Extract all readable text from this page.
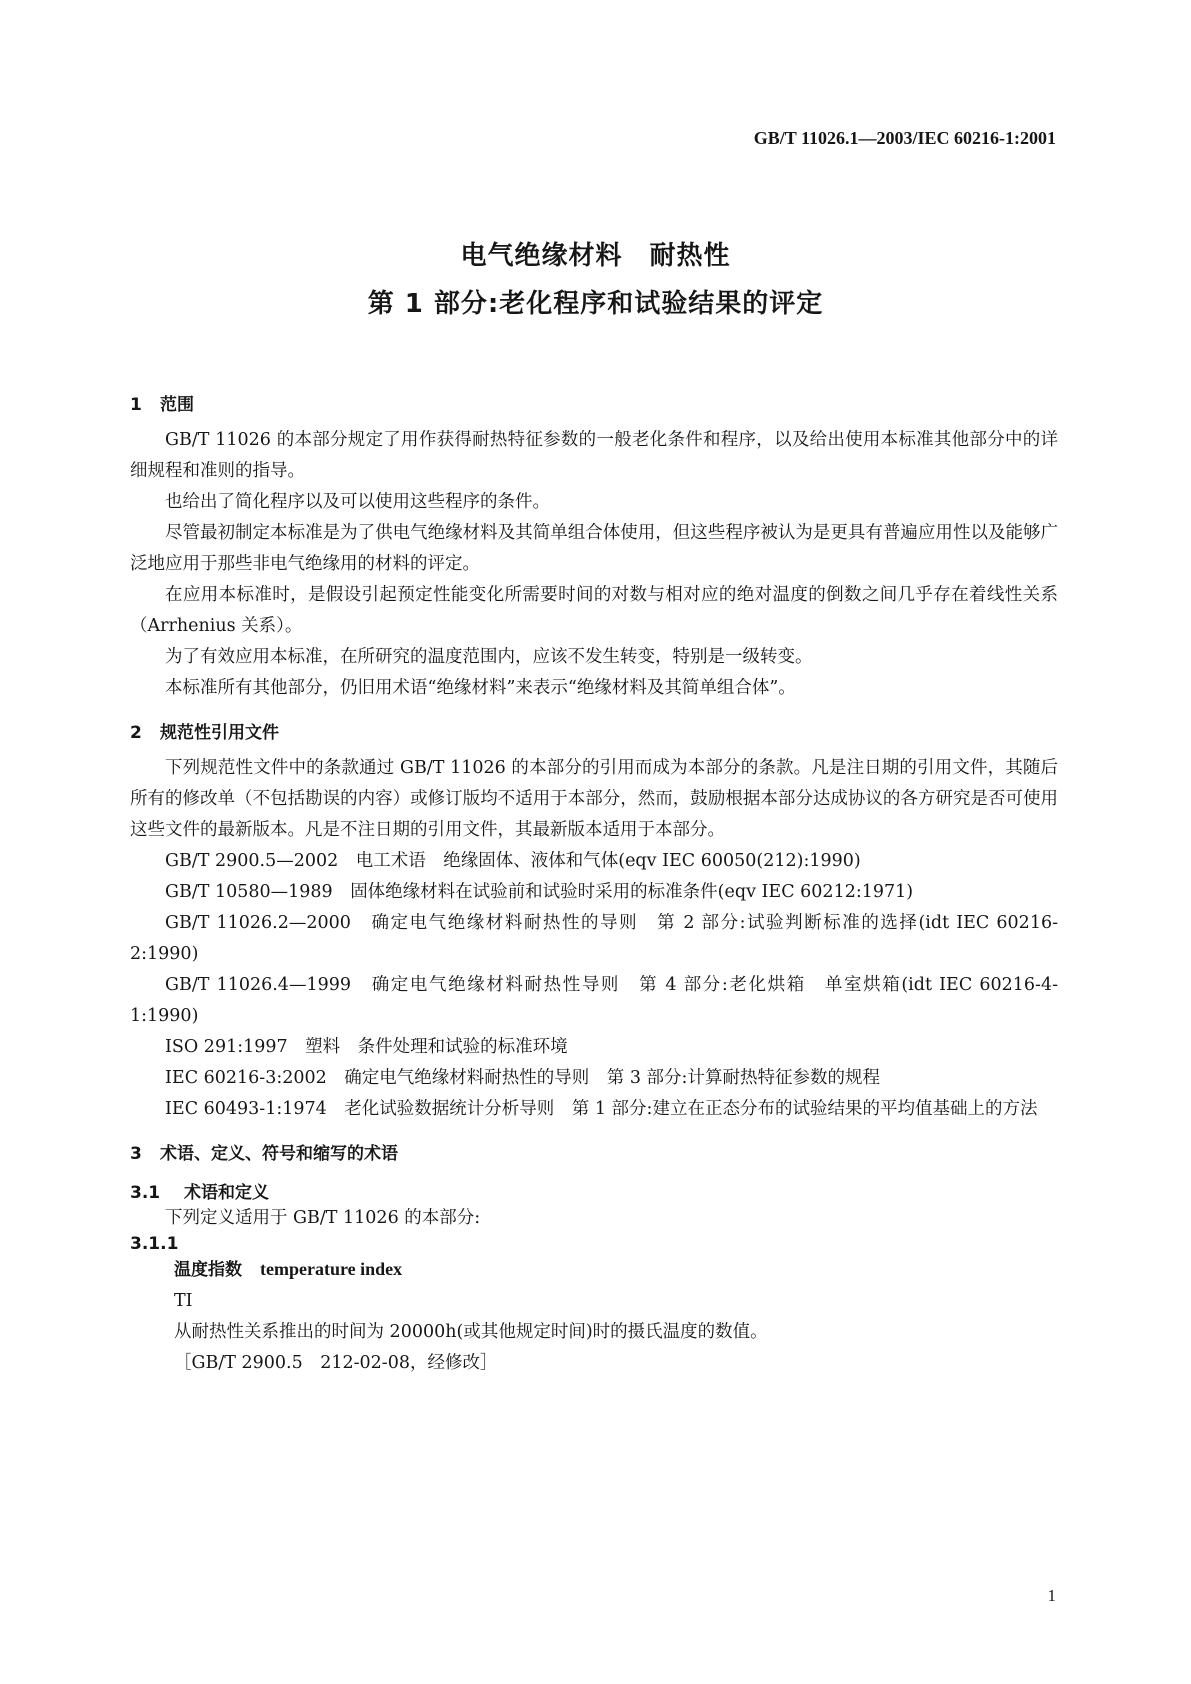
GB/T 11026.1—2003/IEC 60216-1:2001
电气绝缘材料　耐热性
第 1 部分:老化程序和试验结果的评定
1 范围

GB/T 11026 的本部分规定了用作获得耐热特征参数的一般老化条件和程序，以及给出使用本标准其他部分中的详细规程和准则的指导。

也给出了简化程序以及可以使用这些程序的条件。

尽管最初制定本标准是为了供电气绝缘材料及其简单组合体使用，但这些程序被认为是更具有普遍应用性以及能够广泛地应用于那些非电气绝缘用的材料的评定。

在应用本标准时，是假设引起预定性能变化所需要时间的对数与相对应的绝对温度的倒数之间几乎存在着线性关系（Arrhenius 关系）。

为了有效应用本标准，在所研究的温度范围内，应该不发生转变，特别是一级转变。

本标准所有其他部分，仍旧用术语“绝缘材料”来表示“绝缘材料及其简单组合体”。

2 规范性引用文件

下列规范性文件中的条款通过 GB/T 11026 的本部分的引用而成为本部分的条款。凡是注日期的引用文件，其随后所有的修改单（不包括勘误的内容）或修订版均不适用于本部分，然而，鼓励根据本部分达成协议的各方研究是否可使用这些文件的最新版本。凡是不注日期的引用文件，其最新版本适用于本部分。

GB/T 2900.5—2002　 电工术语　绝缘固体、液体和气体(eqv IEC 60050(212):1990)

GB/T 10580—1989　 固体绝缘材料在试验前和试验时采用的标准条件(eqv IEC 60212:1971)

GB/T 11026.2—2000　 确定电气绝缘材料耐热性的导则　第 2 部分:试验判断标准的选择(idt IEC 60216-2:1990)

GB/T 11026.4—1999　 确定电气绝缘材料耐热性导则　第 4 部分:老化烘箱　单室烘箱(idt IEC 60216-4-1:1990)

ISO 291:1997　 塑料　条件处理和试验的标准环境

IEC 60216-3:2002　 确定电气绝缘材料耐热性的导则　第 3 部分:计算耐热特征参数的规程

IEC 60493-1:1974　 老化试验数据统计分析导则　第 1 部分:建立在正态分布的试验结果的平均值基础上的方法

3 术语、定义、符号和缩写的术语
3.1 术语和定义

下列定义适用于 GB/T 11026 的本部分:

3.1.1

温度指数 temperature index

TI

从耐热性关系推出的时间为 20000h(或其他规定时间)时的摄氏温度的数值。

［GB/T 2900.5　212-02-08，经修改］

1
